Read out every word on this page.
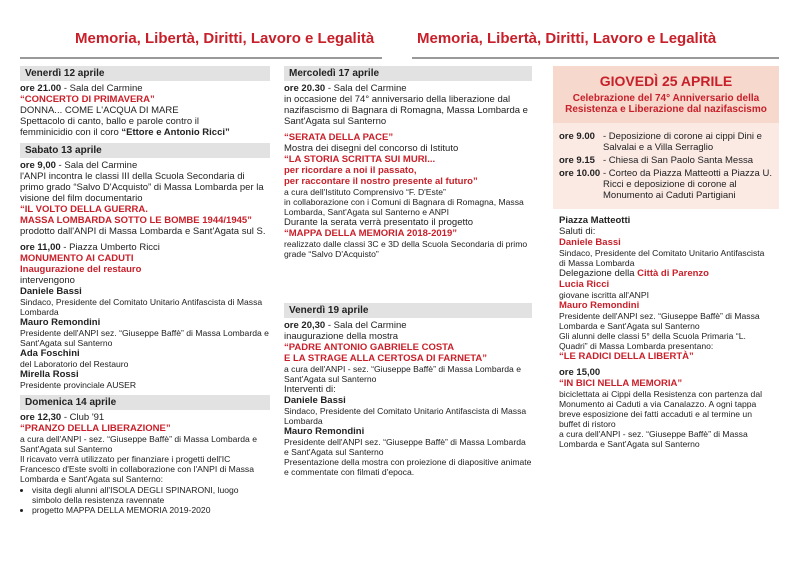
Memoria, Libertà, Diritti, Lavoro e Legalità	Memoria, Libertà, Diritti, Lavoro e Legalità
Venerdì 12 aprile
ore 21.00 - Sala del Carmine
“CONCERTO DI PRIMAVERA”
DONNA... COME L'ACQUA DI MARE
Spettacolo di canto, ballo e parole contro il
femminicidio con il coro “Ettore e Antonio Ricci”
Sabato 13 aprile
ore 9,00 - Sala del Carmine
l'ANPI incontra le classi III della Scuola Secondaria di primo grado “Salvo D'Acquisto” di Massa Lombarda per la visione del film documentario
“IL VOLTO DELLA GUERRA.
MASSA LOMBARDA SOTTO LE BOMBE 1944/1945”
prodotto dall'ANPI di Massa Lombarda e Sant'Agata sul S.
ore 11,00 - Piazza Umberto Ricci
MONUMENTO AI CADUTI
Inaugurazione del restauro
intervengono
Daniele Bassi
Sindaco, Presidente del Comitato Unitario Antifascista di Massa Lombarda
Mauro Remondini
Presidente dell'ANPI sez. “Giuseppe Baffè” di Massa Lombarda e Sant'Agata sul Santerno
Ada Foschini
del Laboratorio del Restauro
Mirella Rossi
Presidente provinciale AUSER
Domenica 14 aprile
ore 12,30 - Club '91
“PRANZO DELLA LIBERAZIONE”
a cura dell'ANPI - sez. “Giuseppe Baffè” di Massa Lombarda e Sant'Agata sul Santerno
Il ricavato verrà utilizzato per finanziare i progetti dell'IC Francesco d'Este svolti in collaborazione con l'ANPI di Massa Lombarda e Sant'Agata sul Santerno:
• visita degli alunni all'ISOLA DEGLI SPINARONI, luogo simbolo della resistenza ravennate
• progetto MAPPA DELLA MEMORIA 2019-2020
Mercoledì 17 aprile
ore 20.30 - Sala del Carmine
in occasione del 74° anniversario della liberazione dal nazifascismo di Bagnara di Romagna, Massa Lombarda e Sant'Agata sul Santerno
“SERATA DELLA PACE”
Mostra dei disegni del concorso di Istituto
“LA STORIA SCRITTA SUI MURI...
per ricordare a noi il passato,
per raccontare il nostro presente al futuro”
a cura dell'Istituto Comprensivo “F. D'Este”
in collaborazione con i Comuni di Bagnara di Romagna, Massa Lombarda, Sant'Agata sul Santerno e ANPI
Durante la serata verrà presentato il progetto
“MAPPA DELLA MEMORIA 2018-2019”
realizzato dalle classi 3C e 3D della Scuola Secondaria di primo grade “Salvo D'Acquisto”
Venerdì 19 aprile
ore 20,30 - Sala del Carmine
inaugurazione della mostra
“PADRE ANTONIO GABRIELE COSTA
E LA STRAGE ALLA CERTOSA DI FARNETA”
a cura dell'ANPI - sez. “Giuseppe Baffè” di Massa Lombarda e Sant'Agata sul Santerno
Interventi di:
Daniele Bassi
Sindaco, Presidente del Comitato Unitario Antifascista di Massa Lombarda
Mauro Remondini
Presidente dell'ANPI sez. “Giuseppe Baffè” di Massa Lombarda e Sant'Agata sul Santerno
Presentazione della mostra con proiezione di diapositive animate e commentate con filmati d'epoca.
GIOVEDÌ 25 APRILE
Celebrazione del 74° Anniversario della Resistenza e Liberazione dal nazifascismo
ore 9.00 - Deposizione di corone ai cippi Dini e Salvalai e a Villa Serraglio
ore 9.15 - Chiesa di San Paolo Santa Messa
ore 10.00 - Corteo da Piazza Matteotti a Piazza U. Ricci e deposizione di corone al Monumento ai Caduti Partigiani
Piazza Matteotti
Saluti di:
Daniele Bassi
Sindaco, Presidente del Comitato Unitario Antifascista di Massa Lombarda
Delegazione della Città di Parenzo
Lucia Ricci
giovane iscritta all'ANPI
Mauro Remondini
Presidente dell'ANPI sez. “Giuseppe Baffè” di Massa Lombarda e Sant'Agata sul Santerno
Gli alunni delle classi 5° della Scuola Primaria “L. Quadri” di Massa Lombarda presentano:
“LE RADICI DELLA LIBERTÀ”
ore 15,00
“IN BICI NELLA MEMORIA”
biciclettata ai Cippi della Resistenza con partenza dal Monumento ai Caduti a via Canalazzo. A ogni tappa breve esposizione dei fatti accaduti e al termine un buffet di ristoro
a cura dell'ANPI - sez. “Giuseppe Baffè” di Massa Lombarda e Sant'Agata sul Santerno
